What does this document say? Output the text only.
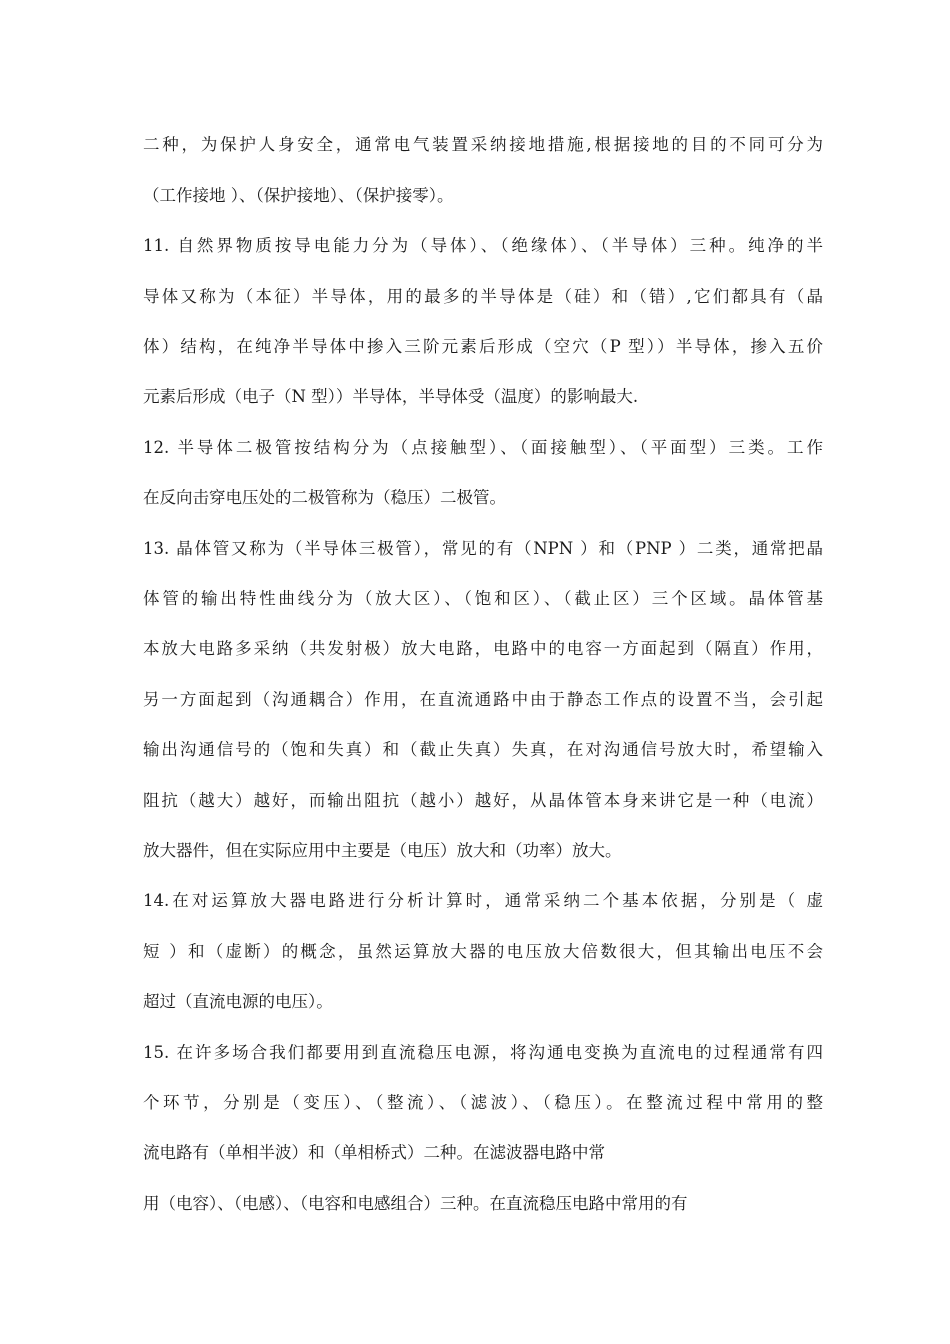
二种，为保护人身安全，通常电气装置采纳接地措施,根据接地的目的不同可分为
（工作接地 ）、（保护接地）、（保护接零）。
11. 自然界物质按导电能力分为（导体）、（绝缘体）、（半导体）三种。纯净的半
导体又称为（本征）半导体，用的最多的半导体是（硅）和（错）,它们都具有（晶
体）结构，在纯净半导体中掺入三阶元素后形成（空穴（P 型））半导体，掺入五价
元素后形成（电子（N 型））半导体，半导体受（温度）的影响最大.
12. 半导体二极管按结构分为（点接触型）、（面接触型）、（平面型）三类。工作
在反向击穿电压处的二极管称为（稳压）二极管。
13. 晶体管又称为（半导体三极管），常见的有（NPN ）和（PNP ）二类，通常把晶
体管的输出特性曲线分为（放大区）、（饱和区）、（截止区）三个区域。晶体管基
本放大电路多采纳（共发射极）放大电路，电路中的电容一方面起到（隔直）作用，
另一方面起到（沟通耦合）作用，在直流通路中由于静态工作点的设置不当，会引起
输出沟通信号的（饱和失真）和（截止失真）失真，在对沟通信号放大时，希望输入
阻抗（越大）越好，而输出阻抗（越小）越好，从晶体管本身来讲它是一种（电流）
放大器件，但在实际应用中主要是（电压）放大和（功率）放大。
14.在对运算放大器电路进行分析计算时，通常采纳二个基本依据，分别是（ 虚
短 ）和（虚断）的概念，虽然运算放大器的电压放大倍数很大，但其输出电压不会
超过（直流电源的电压）。
15. 在许多场合我们都要用到直流稳压电源，将沟通电变换为直流电的过程通常有四
个环节，分别是（变压）、（整流）、（滤波）、（稳压）。在整流过程中常用的整
流电路有（单相半波）和（单相桥式）二种。在滤波器电路中常
用（电容）、（电感）、（电容和电感组合）三种。在直流稳压电路中常用的有
